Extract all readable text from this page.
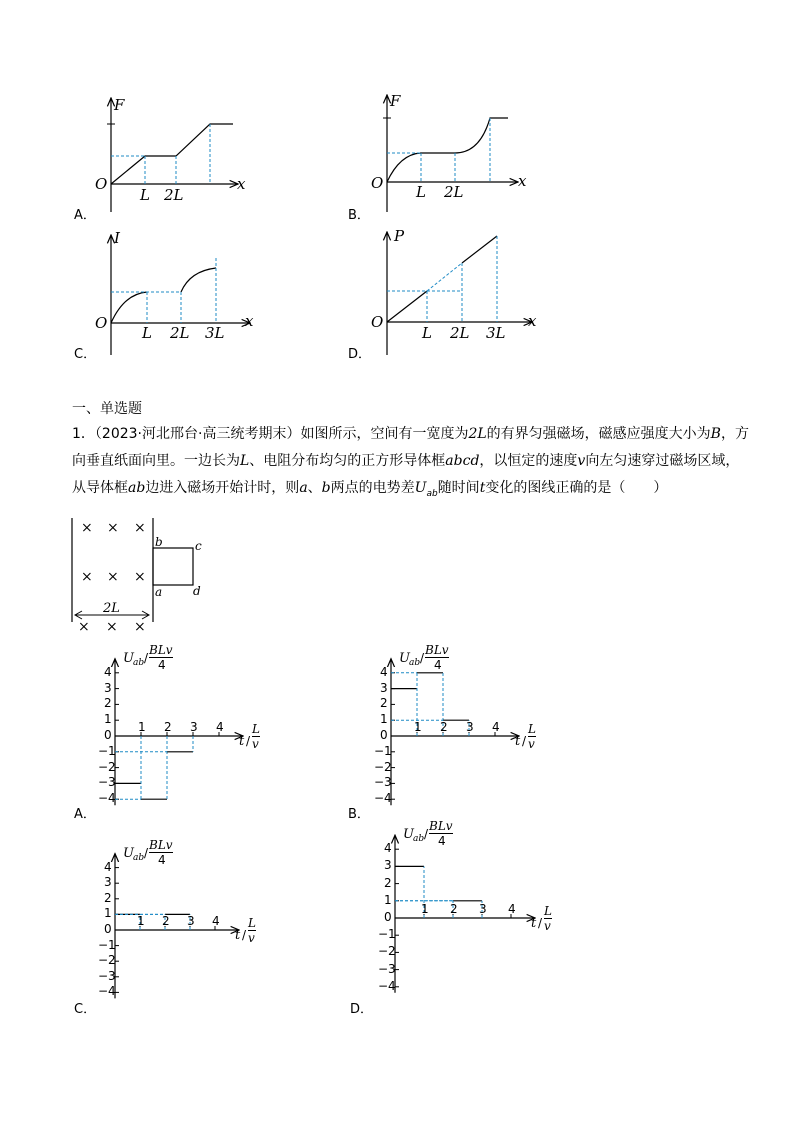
F
O	x
L 2L
A．
F
O	x
L 2L
B．
I
O	x
L 2L 3L
C．
P
O	x
L 2L 3L
D．
一、单选题
1．（2023·河北邢台·高三统考期末）如图所示，空间有一宽度为2L的有界匀强磁场，磁感应强度大小为B，方向垂直纸面向里。一边长为L、电阻分布均匀的正方形导体框abcd，以恒定的速度v向左匀速穿过磁场区域，从导体框ab边进入磁场开始计时，则a、b两点的电势差$U_{ab}$随时间t变化的图线正确的是（　　）
× × ×
× × ×
× × ×
2L
b	c
a	d
4
3
2
1
0
−1
−2
−3
−4
1 2 3 4
U ab /
BLv
4
t /
L
v
A．
4
3
2
1
0
−1
−2
−3
−4
1 2 3 4
U ab /
BLv
4
t /
L
v
B．
4
3
2
1
0
−1
−2
−3
−4
1 2 3 4
U ab /
BLv
4
t /
L
v
C．
4
3
2
1
0
−1
−2
−3
−4
1 2 3 4
U ab /
BLv
4
t /
L
v
D．
